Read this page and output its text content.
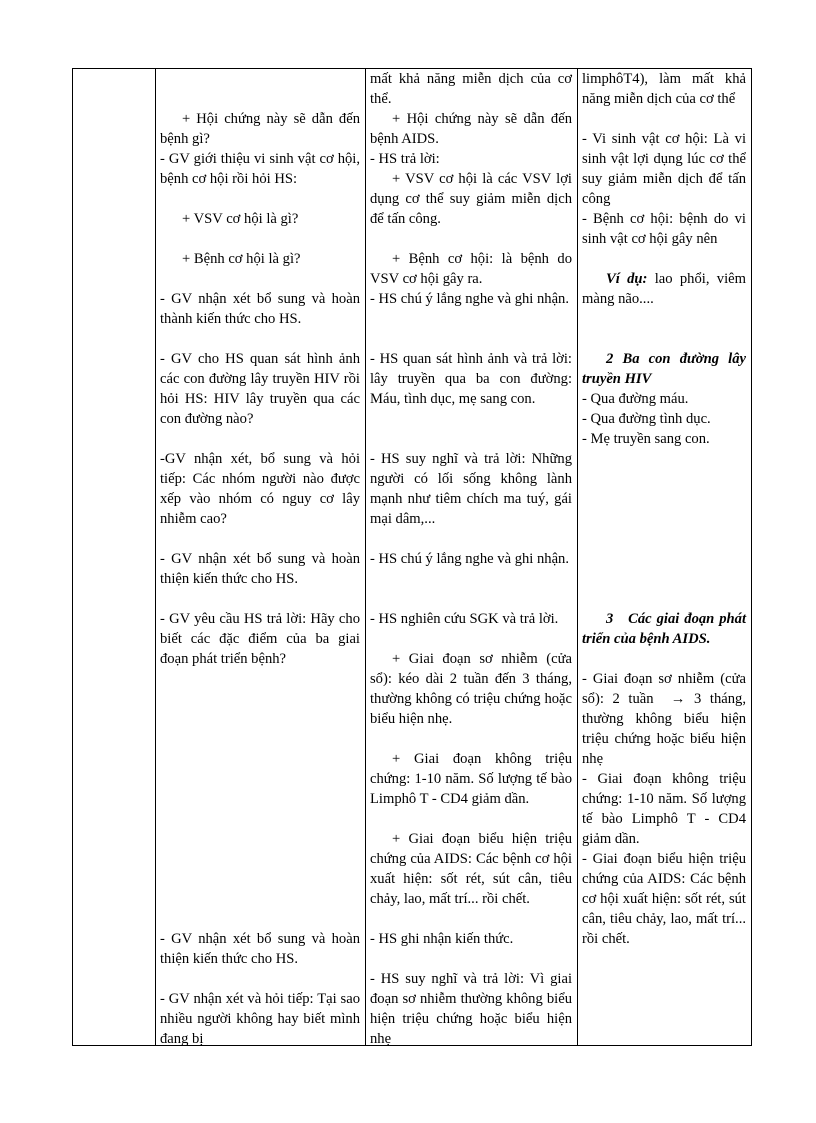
+ Hội chứng này sẽ dẫn đến bệnh gì?

- GV giới thiệu vi sinh vật cơ hội, bệnh cơ hội rồi hỏi HS:

+ VSV cơ hội là gì?

+ Bệnh cơ hội là gì?

- GV nhận xét bổ sung và hoàn thành kiến thức cho HS.

- GV cho HS quan sát hình ảnh các con đường lây truyền HIV rồi hỏi HS: HIV lây truyền qua các con đường nào?

-GV nhận xét, bổ sung và hỏi tiếp: Các nhóm người nào được xếp vào nhóm có nguy cơ lây nhiễm cao?

- GV nhận xét bổ sung và hoàn thiện kiến thức cho HS.

- GV yêu cầu HS trả lời: Hãy cho biết các đặc điểm của ba giai đoạn phát triển bệnh?

- GV nhận xét bổ sung và hoàn thiện kiến thức cho HS.

- GV nhận xét và hỏi tiếp: Tại sao nhiều người không hay biết mình đang bị

mất khả năng miễn dịch của cơ thể.

+ Hội chứng này sẽ dẫn đến bệnh AIDS.

- HS trả lời:

+ VSV cơ hội là các VSV lợi dụng cơ thể suy giảm miễn dịch để tấn công.

+ Bệnh cơ hội: là bệnh do VSV cơ hội gây ra.

- HS chú ý lắng nghe và ghi nhận.

- HS quan sát hình ảnh và trả lời: lây truyền qua ba con đường: Máu, tình dục, mẹ sang con.

- HS suy nghĩ và trả lời: Những người có lối sống không lành mạnh như tiêm chích ma tuý, gái mại dâm,...

- HS chú ý lắng nghe và ghi nhận.

- HS nghiên cứu SGK và trả lời.

+ Giai đoạn sơ nhiễm (cửa sổ): kéo dài 2 tuần đến 3 tháng, thường không có triệu chứng hoặc biểu hiện nhẹ.

+ Giai đoạn không triệu chứng: 1-10 năm. Số lượng tế bào Limphô T - CD4 giảm dần.

+ Giai đoạn biểu hiện triệu chứng của AIDS: Các bệnh cơ hội xuất hiện: sốt rét, sút cân, tiêu chảy, lao, mất trí... rồi chết.

- HS ghi nhận kiến thức.

- HS suy nghĩ và trả lời: Vì giai đoạn sơ nhiễm thường không biểu hiện triệu chứng hoặc biểu hiện nhẹ

limphôT4), làm mất khả năng miễn dịch của cơ thể

- Vi sinh vật cơ hội: Là vi sinh vật lợi dụng lúc cơ thể suy giảm miễn dịch để tấn công

- Bệnh cơ hội: bệnh do vi sinh vật cơ hội gây nên

Ví dụ: lao phổi, viêm màng não....

2 Ba con đường lây truyền HIV

- Qua đường máu.

- Qua đường tình dục.

- Mẹ truyền sang con.

3   Các giai đoạn phát triển của bệnh AIDS.

- Giai đoạn sơ nhiễm (cửa sổ): 2 tuần  → 3 tháng, thường không biểu hiện triệu chứng hoặc biểu hiện nhẹ

- Giai đoạn không triệu chứng: 1-10 năm. Số lượng tế bào Limphô T - CD4 giảm dần.

- Giai đoạn biểu hiện triệu chứng của AIDS: Các bệnh cơ hội xuất hiện: sốt rét, sút cân, tiêu chảy, lao, mất trí... rồi chết.
